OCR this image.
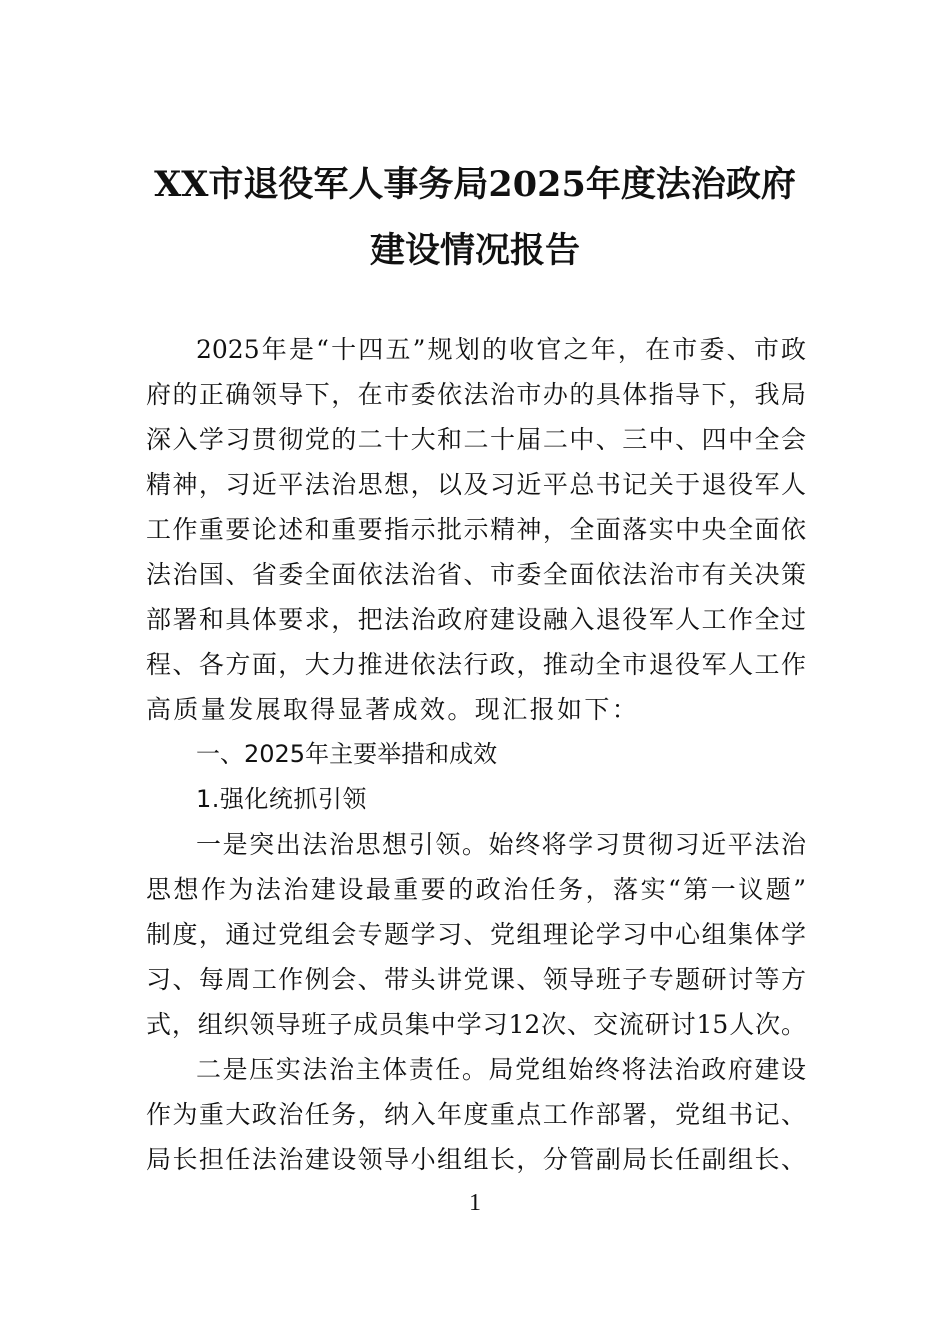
XX市退役军人事务局2025年度法治政府
建设情况报告
2025年是“十四五”规划的收官之年，在市委、市政
府的正确领导下，在市委依法治市办的具体指导下，我局
深入学习贯彻党的二十大和二十届二中、三中、四中全会
精神，习近平法治思想，以及习近平总书记关于退役军人
工作重要论述和重要指示批示精神，全面落实中央全面依
法治国、省委全面依法治省、市委全面依法治市有关决策
部署和具体要求，把法治政府建设融入退役军人工作全过
程、各方面，大力推进依法行政，推动全市退役军人工作
高质量发展取得显著成效。现汇报如下：
一、2025年主要举措和成效
1.强化统抓引领
一是突出法治思想引领。始终将学习贯彻习近平法治
思想作为法治建设最重要的政治任务，落实“第一议题”
制度，通过党组会专题学习、党组理论学习中心组集体学
习、每周工作例会、带头讲党课、领导班子专题研讨等方
式，组织领导班子成员集中学习12次、交流研讨15人次。
二是压实法治主体责任。局党组始终将法治政府建设
作为重大政治任务，纳入年度重点工作部署，党组书记、
局长担任法治建设领导小组组长，分管副局长任副组长、
1
